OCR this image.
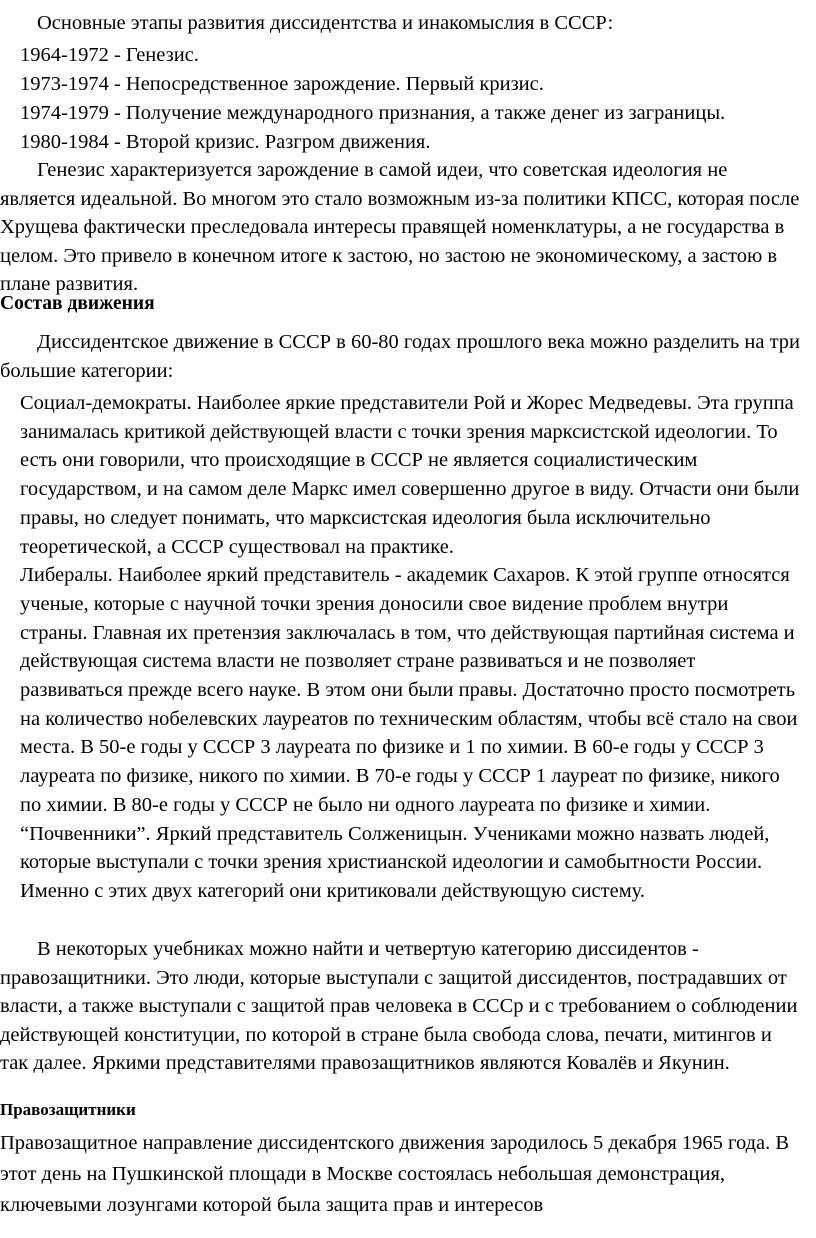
Основные этапы развития диссидентства и инакомыслия в СССР:

1964-1972 - Генезис.
1973-1974 - Непосредственное зарождение. Первый кризис.
1974-1979 - Получение международного признания, а также денег из заграницы.
1980-1984 - Второй кризис. Разгром движения.

Генезис характеризуется зарождение в самой идеи, что советская идеология не является идеальной. Во многом это стало возможным из-за политики КПСС, которая после Хрущева фактически преследовала интересы правящей номенклатуры, а не государства в целом. Это привело в конечном итоге к застою, но застою не экономическому, а застою в плане развития.

Состав движения

Диссидентское движение в СССР в 60-80 годах прошлого века можно разделить на три большие категории:

Социал-демократы. Наиболее яркие представители Рой и Жорес Медведевы. Эта группа занималась критикой действующей власти с точки зрения марксистской идеологии. То есть они говорили, что происходящие в СССР не является социалистическим государством, и на самом деле Маркс имел совершенно другое в виду. Отчасти они были правы, но следует понимать, что марксистская идеология была исключительно теоретической, а СССР существовал на практике.
Либералы. Наиболее яркий представитель - академик Сахаров. К этой группе относятся ученые, которые с научной точки зрения доносили свое видение проблем внутри страны. Главная их претензия заключалась в том, что действующая партийная система и действующая система власти не позволяет стране развиваться и не позволяет развиваться прежде всего науке. В этом они были правы. Достаточно просто посмотреть на количество нобелевских лауреатов по техническим областям, чтобы всё стало на свои места. В 50-е годы у СССР 3 лауреата по физике и 1 по химии. В 60-е годы у СССР 3 лауреата по физике, никого по химии. В 70-е годы у СССР 1 лауреат по физике, никого по химии. В 80-е годы у СССР не было ни одного лауреата по физике и химии.
“Почвенники”. Яркий представитель Солженицын. Учениками можно назвать людей, которые выступали с точки зрения христианской идеологии и самобытности России. Именно с этих двух категорий они критиковали действующую систему.

В некоторых учебниках можно найти и четвертую категорию диссидентов - правозащитники. Это люди, которые выступали с защитой диссидентов, пострадавших от власти, а также выступали с защитой прав человека в СССр и с требованием о соблюдении действующей конституции, по которой в стране была свобода слова, печати, митингов и так далее. Яркими представителями правозащитников являются Ковалёв и Якунин.

Правозащитники

Правозащитное направление диссидентского движения зародилось 5 декабря 1965 года. В этот день на Пушкинской площади в Москве состоялась небольшая демонстрация, ключевыми лозунгами которой была защита прав и интересов
